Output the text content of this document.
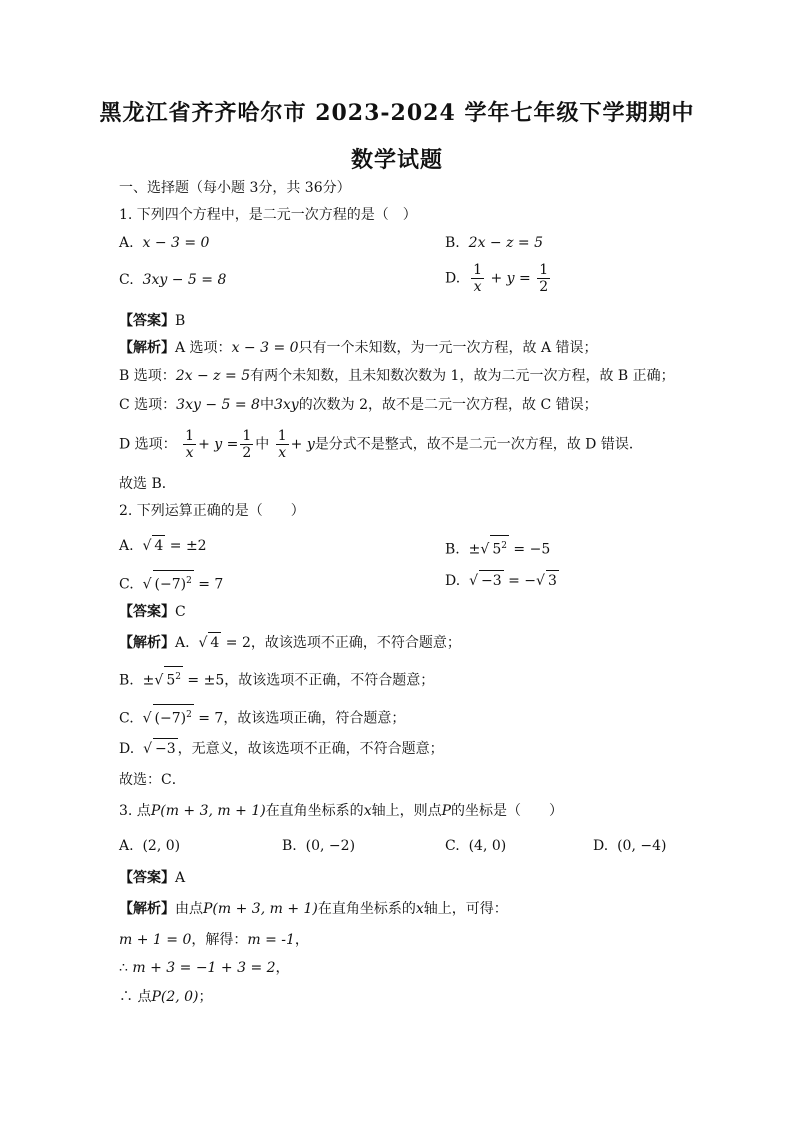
黑龙江省齐齐哈尔市 2023-2024 学年七年级下学期期中
数学试题
一、选择题（每小题 3分，共 36分）
1. 下列四个方程中，是二元一次方程的是（　）
A. x − 3 = 0	B. 2x − z = 5
C. 3xy − 5 = 8	D. $\frac{1}{x} + y = \frac{1}{2}$
【答案】B
【解析】A 选项：x − 3 = 0只有一个未知数，为一元一次方程，故 A 错误；
B 选项：2x − z = 5有两个未知数，且未知数次数为 1，故为二元一次方程，故 B 正确；
C 选项：3xy − 5 = 8中3xy的次数为 2，故不是二元一次方程，故 C 错误；
D 选项： $\frac{1}{x} + y = \frac{1}{2}$ 中 $\frac{1}{x} + y$是分式不是整式，故不是二元一次方程，故 D 错误．
故选 B．
2. 下列运算正确的是（　　）
A. √ 4 = ±2	B. ±√ $5^2 = -5$
C. √ $(-7)^2 = 7$	D. √ −3 = −√ 3
【答案】C
【解析】A. √ 4 = 2，故该选项不正确，不符合题意；
B. ±√ $5^2 = \pm 5$，故该选项不正确，不符合题意；
C. √ $(-7)^2 = 7$，故该选项正确，符合题意；
D. √ −3 ，无意义，故该选项不正确，不符合题意；
故选：C．
3. 点P(m + 3, m + 1)在直角坐标系的x轴上，则点P的坐标是（　　）
A. (2, 0)	B. (0, −2)	C. (4, 0)	D. (0, −4)
【答案】A
【解析】由点P(m + 3, m + 1)在直角坐标系的x轴上，可得：
m + 1 = 0，解得：m = -1，
∴ m + 3 = −1 + 3 = 2，
∴ 点P(2, 0)；
